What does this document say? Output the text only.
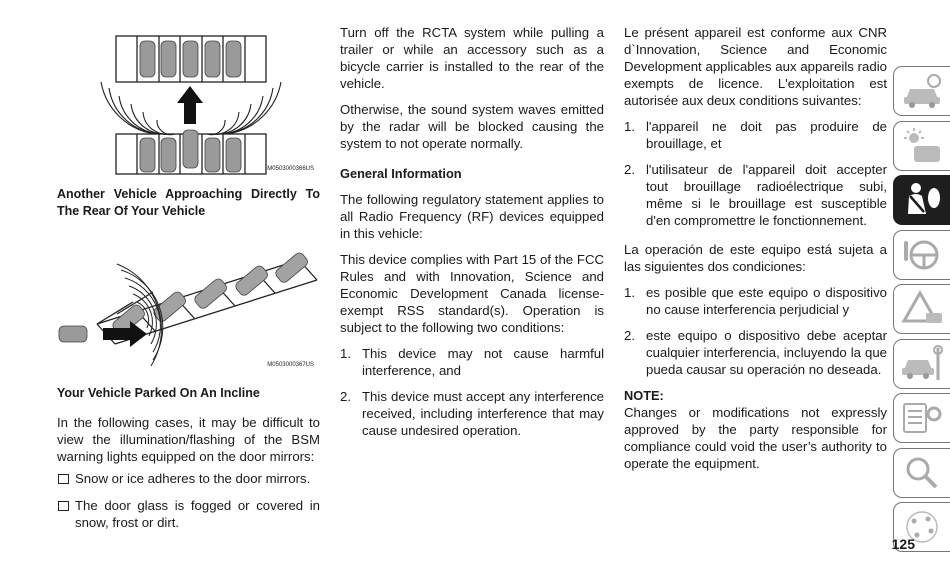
M0503000366US

Another Vehicle Approaching Directly To The Rear Of Your Vehicle

M0503000367US

Your Vehicle Parked On An Incline

In the following cases, it may be difficult to view the illumination/flashing of the BSM warning lights equipped on the door mirrors:

Snow or ice adheres to the door mirrors.
The door glass is fogged or covered in snow, frost or dirt.

Turn off the RCTA system while pulling a trailer or while an accessory such as a bicycle carrier is installed to the rear of the vehicle.

Otherwise, the sound system waves emitted by the radar will be blocked causing the system to not operate normally.

General Information

The following regulatory statement applies to all Radio Frequency (RF) devices equipped in this vehicle:

This device complies with Part 15 of the FCC Rules and with Innovation, Science and Economic Development Canada license-exempt RSS standard(s). Operation is subject to the following two conditions:

1. This device may not cause harmful interference, and
2. This device must accept any interference received, including interference that may cause undesired operation.

Le présent appareil est conforme aux CNR d`Innovation, Science and Economic Development applicables aux appareils radio exempts de licence. L'exploitation est autorisée aux deux conditions suivantes:

1. l'appareil ne doit pas produire de brouillage, et
2. l'utilisateur de l'appareil doit accepter tout brouillage radioélectrique subi, même si le brouillage est susceptible d'en compromettre le fonctionnement.

La operación de este equipo está sujeta a las siguientes dos condiciones:

1. es posible que este equipo o dispositivo no cause interferencia perjudicial y
2. este equipo o dispositivo debe aceptar cualquier interferencia, incluyendo la que pueda causar su operación no deseada.

NOTE:

Changes or modifications not expressly approved by the party responsible for compliance could void the user’s authority to operate the equipment.

125
